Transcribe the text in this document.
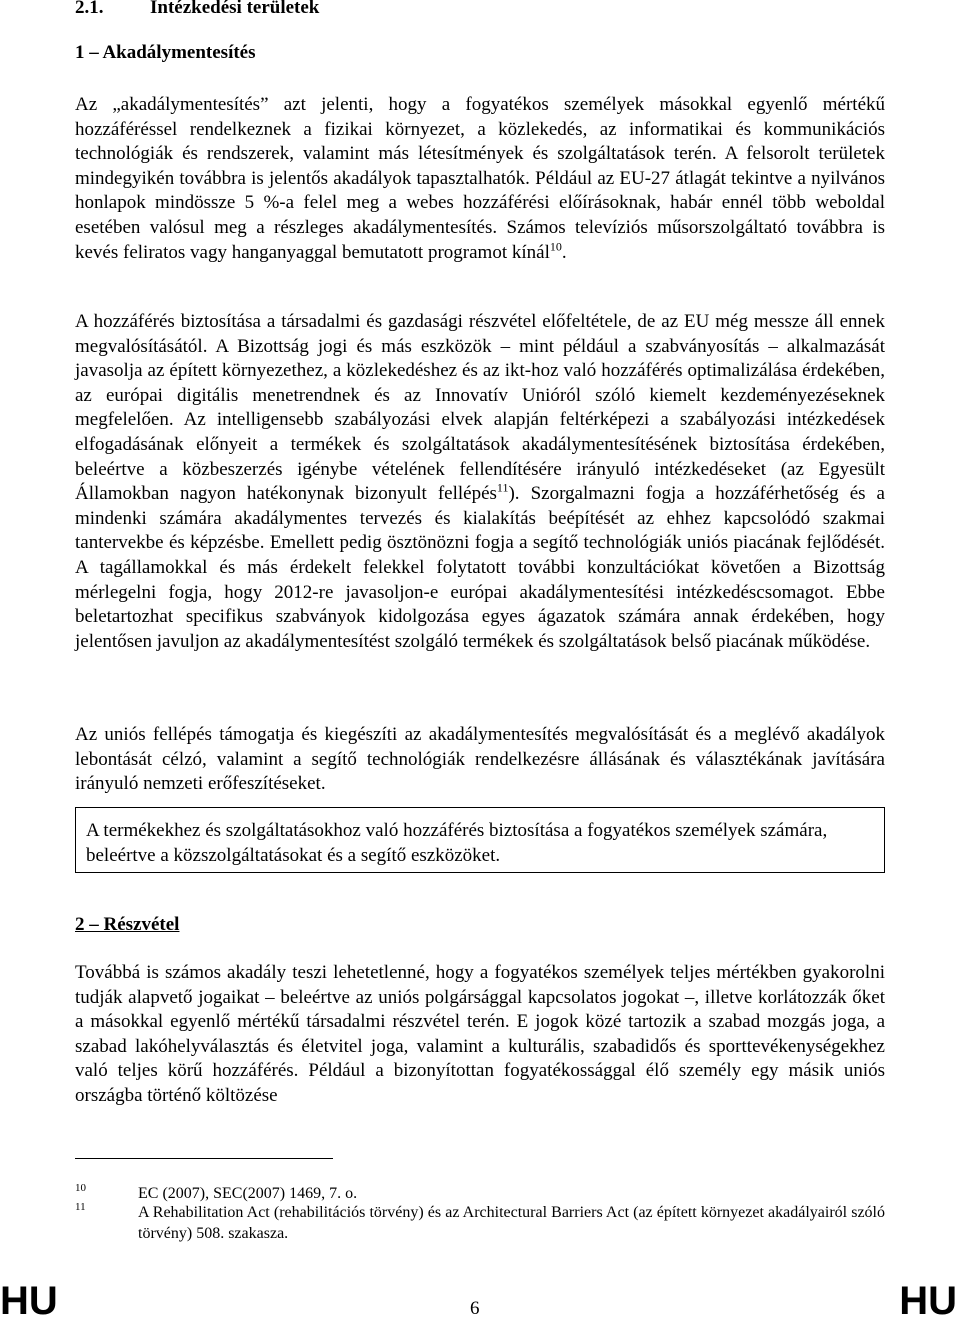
2.1. Intézkedési területek
1 – Akadálymentesítés

Az „akadálymentesítés” azt jelenti, hogy a fogyatékos személyek másokkal egyenlő mértékű hozzáféréssel rendelkeznek a fizikai környezet, a közlekedés, az informatikai és kommunikációs technológiák és rendszerek, valamint más létesítmények és szolgáltatások terén. A felsorolt területek mindegyikén továbbra is jelentős akadályok tapasztalhatók. Például az EU-27 átlagát tekintve a nyilvános honlapok mindössze 5 %-a felel meg a webes hozzáférési előírásoknak, habár ennél több weboldal esetében valósul meg a részleges akadálymentesítés. Számos televíziós műsorszolgáltató továbbra is kevés feliratos vagy hanganyaggal bemutatott programot kínál$^{10}$.

A hozzáférés biztosítása a társadalmi és gazdasági részvétel előfeltétele, de az EU még messze áll ennek megvalósításától. A Bizottság jogi és más eszközök – mint például a szabványosítás – alkalmazását javasolja az épített környezethez, a közlekedéshez és az ikt-hoz való hozzáférés optimalizálása érdekében, az európai digitális menetrendnek és az Innovatív Unióról szóló kiemelt kezdeményezéseknek megfelelően. Az intelligensebb szabályozási elvek alapján feltérképezi a szabályozási intézkedések elfogadásának előnyeit a termékek és szolgáltatások akadálymentesítésének biztosítása érdekében, beleértve a közbeszerzés igénybe vételének fellendítésére irányuló intézkedéseket (az Egyesült Államokban nagyon hatékonynak bizonyult fellépés$^{11}$). Szorgalmazni fogja a hozzáférhetőség és a mindenki számára akadálymentes tervezés és kialakítás beépítését az ehhez kapcsolódó szakmai tantervekbe és képzésbe. Emellett pedig ösztönözni fogja a segítő technológiák uniós piacának fejlődését. A tagállamokkal és más érdekelt felekkel folytatott további konzultációkat követően a Bizottság mérlegelni fogja, hogy 2012-re javasoljon-e európai akadálymentesítési intézkedéscsomagot. Ebbe beletartozhat specifikus szabványok kidolgozása egyes ágazatok számára annak érdekében, hogy jelentősen javuljon az akadálymentesítést szolgáló termékek és szolgáltatások belső piacának működése.

Az uniós fellépés támogatja és kiegészíti az akadálymentesítés megvalósítását és a meglévő akadályok lebontását célzó, valamint a segítő technológiák rendelkezésre állásának és választékának javítására irányuló nemzeti erőfeszítéseket.

A termékekhez és szolgáltatásokhoz való hozzáférés biztosítása a fogyatékos személyek számára, beleértve a közszolgáltatásokat és a segítő eszközöket.
2 – Részvétel

Továbbá is számos akadály teszi lehetetlenné, hogy a fogyatékos személyek teljes mértékben gyakorolni tudják alapvető jogaikat – beleértve az uniós polgársággal kapcsolatos jogokat –, illetve korlátozzák őket a másokkal egyenlő mértékű társadalmi részvétel terén. E jogok közé tartozik a szabad mozgás joga, a szabad lakóhelyválasztás és életvitel joga, valamint a kulturális, szabadidős és sporttevékenységekhez való teljes körű hozzáférés. Például a bizonyítottan fogyatékossággal élő személy egy másik uniós országba történő költözése

10	EC (2007), SEC(2007) 1469, 7. o.
11	A Rehabilitation Act (rehabilitációs törvény) és az Architectural Barriers Act (az épített környezet akadályairól szóló törvény) 508. szakasza.
HU	6	HU
